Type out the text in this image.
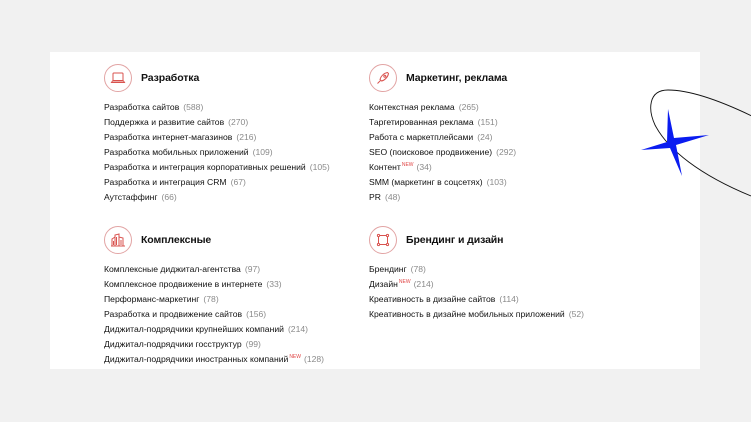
Разработка
Разработка сайтов (588)
Поддержка и развитие сайтов (270)
Разработка интернет-магазинов (216)
Разработка мобильных приложений (109)
Разработка и интеграция корпоративных решений (105)
Разработка и интеграция CRM (67)
Аутстаффинг (66)
Маркетинг, реклама
Контекстная реклама (265)
Таргетированная реклама (151)
Работа с маркетплейсами (24)
SEO (поисковое продвижение) (292)
Контент$^{NEW}$ (34)
SMM (маркетинг в соцсетях) (103)
PR (48)
Комплексные
Комплексные диджитал-агентства (97)
Комплексное продвижение в интернете (33)
Перформанс-маркетинг (78)
Разработка и продвижение сайтов (156)
Диджитал-подрядчики крупнейших компаний (214)
Диджитал-подрядчики госструктур (99)
Диджитал-подрядчики иностранных компаний$^{NEW}$ (128)
Брендинг и дизайн
Брендинг (78)
Дизайн$^{NEW}$ (214)
Креативность в дизайне сайтов (114)
Креативность в дизайне мобильных приложений (52)
